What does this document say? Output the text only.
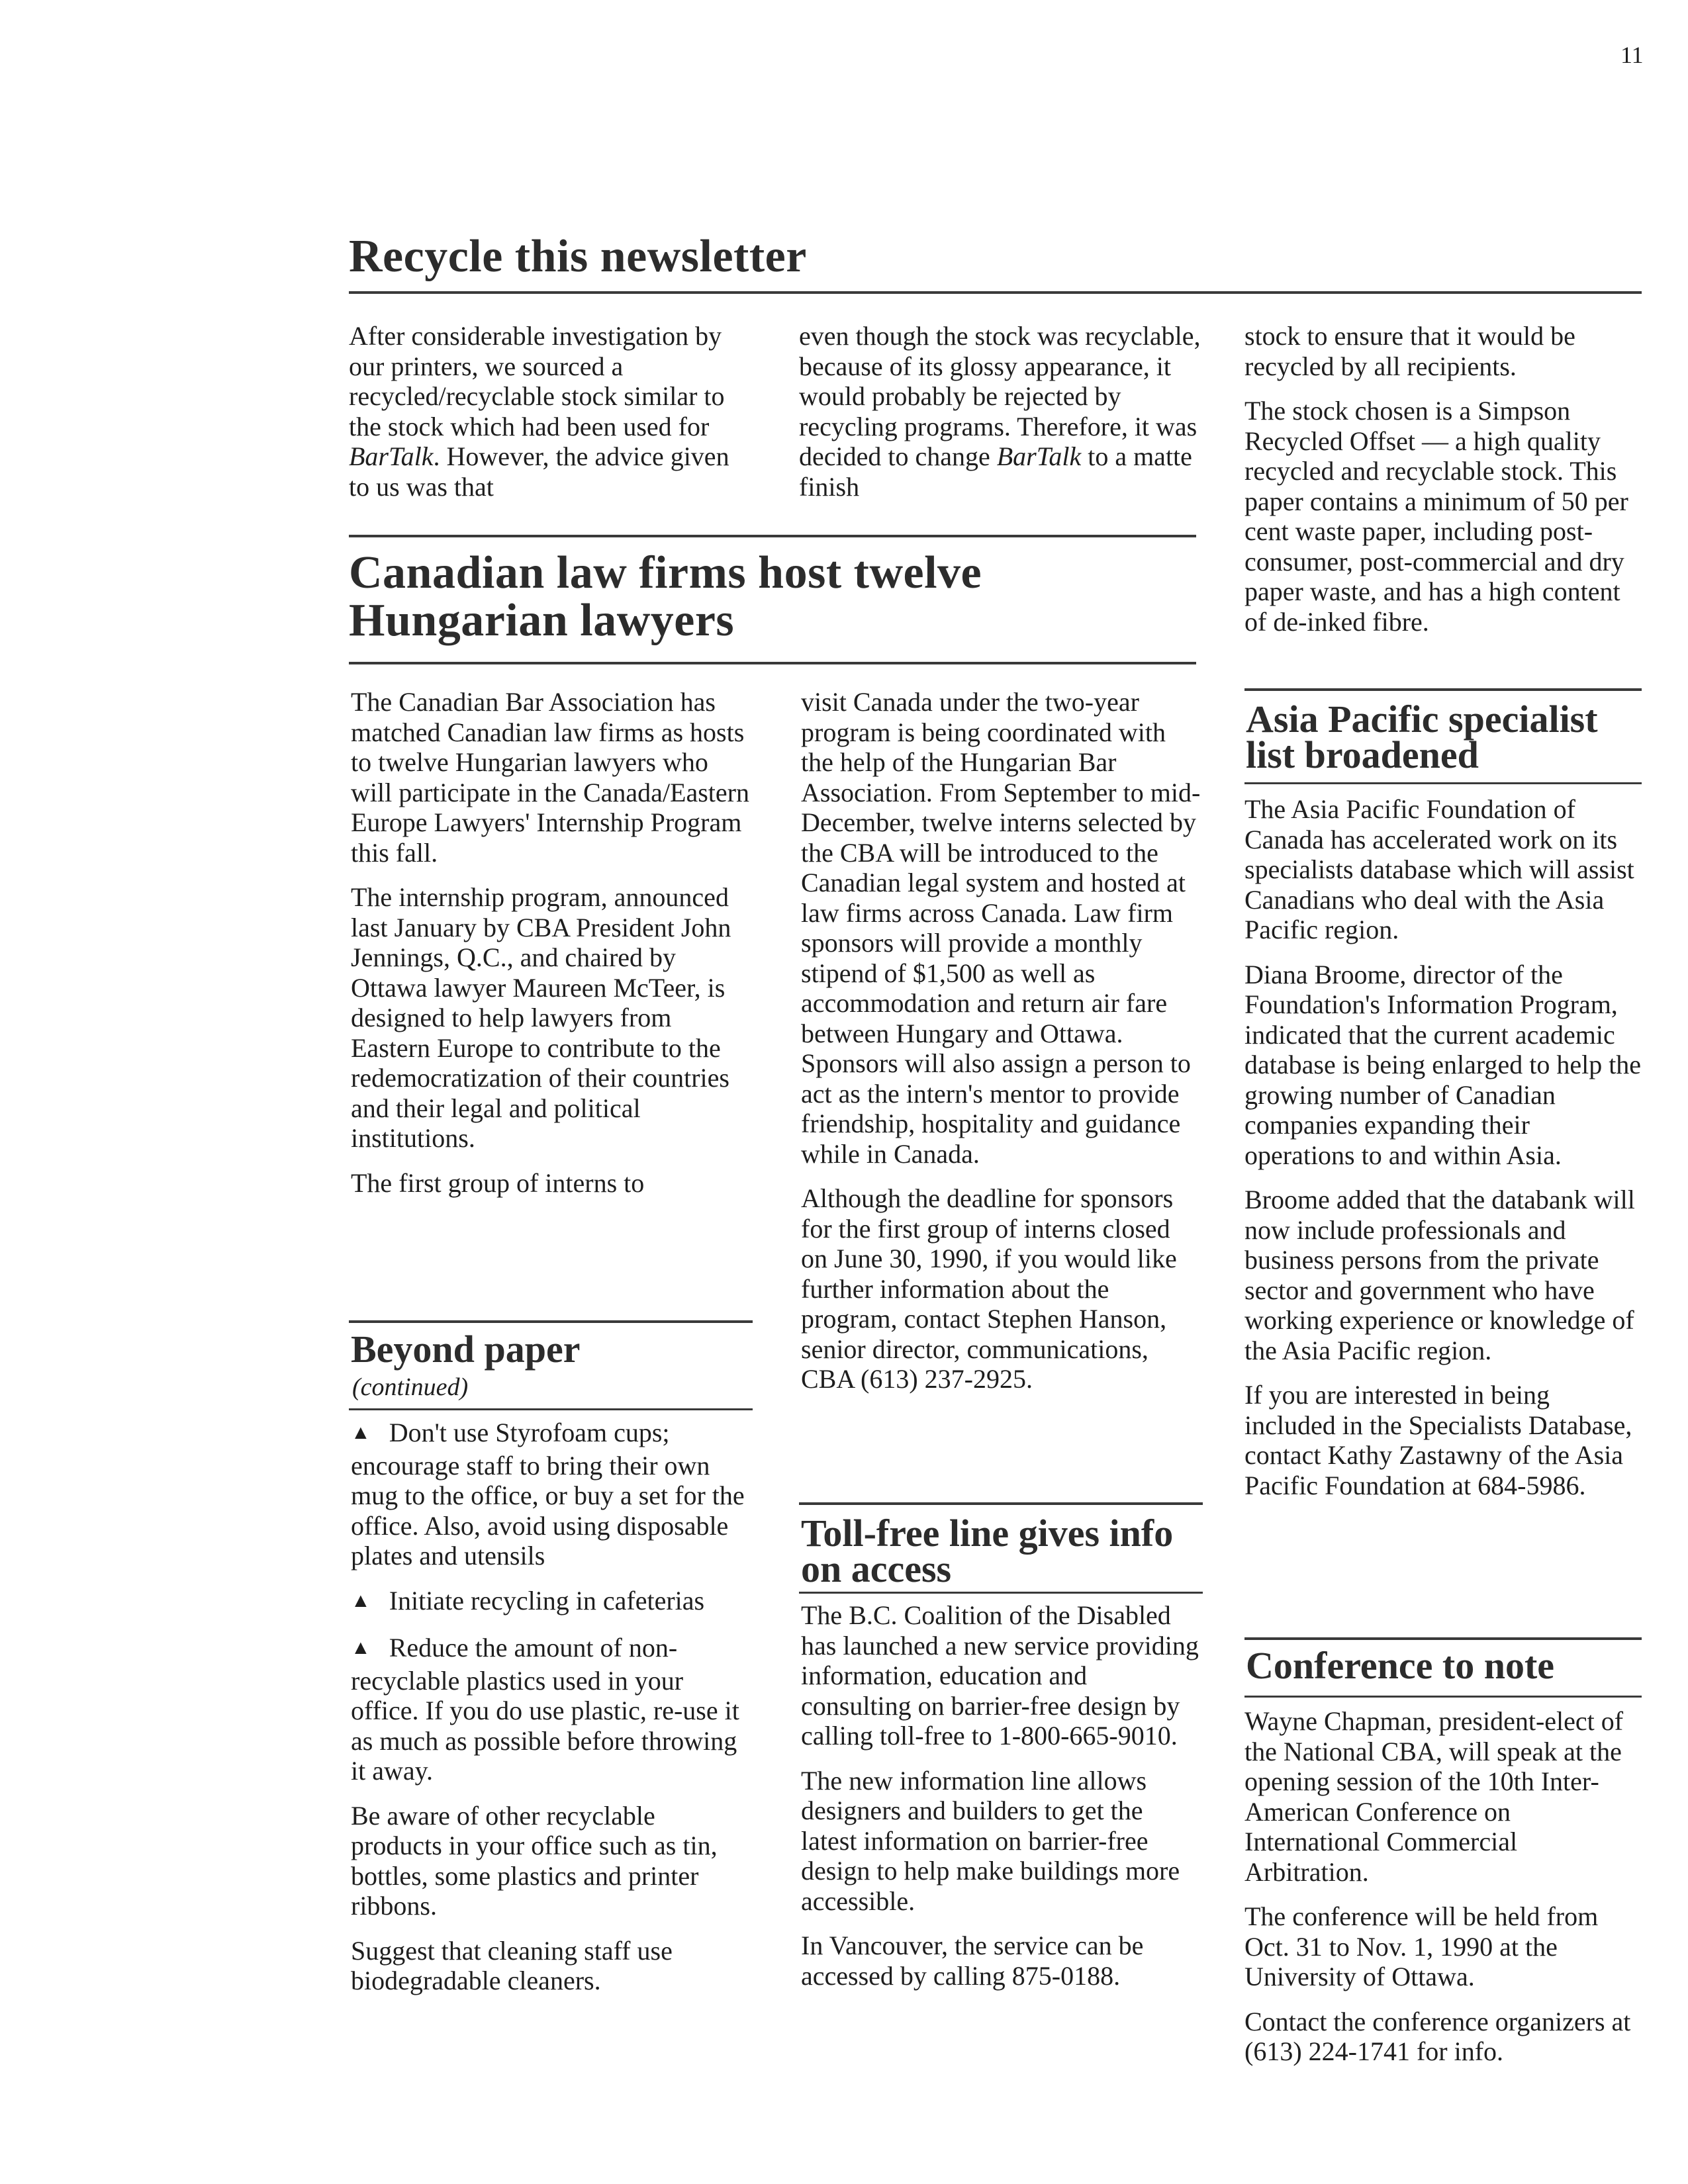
11
Recycle this newsletter

After considerable investigation by our printers, we sourced a recycled/recyclable stock similar to the stock which had been used for BarTalk. However, the advice given to us was that

even though the stock was recyclable, because of its glossy appearance, it would probably be rejected by recycling programs. Therefore, it was decided to change BarTalk to a matte finish

stock to ensure that it would be recycled by all recipients.

The stock chosen is a Simpson Recycled Offset — a high quality recycled and recyclable stock. This paper contains a minimum of 50 per cent waste paper, including post-consumer, post-commercial and dry paper waste, and has a high content of de-inked fibre.

Canadian law firms host twelve Hungarian lawyers

The Canadian Bar Association has matched Canadian law firms as hosts to twelve Hungarian lawyers who will participate in the Canada/Eastern Europe Lawyers' Internship Program this fall.

The internship program, announced last January by CBA President John Jennings, Q.C., and chaired by Ottawa lawyer Maureen McTeer, is designed to help lawyers from Eastern Europe to contribute to the redemocratization of their countries and their legal and political institutions.

The first group of interns to

visit Canada under the two-year program is being coordinated with the help of the Hungarian Bar Association. From September to mid-December, twelve interns selected by the CBA will be introduced to the Canadian legal system and hosted at law firms across Canada. Law firm sponsors will provide a monthly stipend of $1,500 as well as accommodation and return air fare between Hungary and Ottawa. Sponsors will also assign a person to act as the intern's mentor to provide friendship, hospitality and guidance while in Canada.

Although the deadline for sponsors for the first group of interns closed on June 30, 1990, if you would like further information about the program, contact Stephen Hanson, senior director, communications, CBA (613) 237-2925.

Beyond paper
(continued)

▲ Don't use Styrofoam cups; encourage staff to bring their own mug to the office, or buy a set for the office. Also, avoid using disposable plates and utensils

▲ Initiate recycling in cafeterias

▲ Reduce the amount of non-recyclable plastics used in your office. If you do use plastic, re-use it as much as possible before throwing it away.

Be aware of other recyclable products in your office such as tin, bottles, some plastics and printer ribbons.

Suggest that cleaning staff use biodegradable cleaners.

Toll-free line gives info on access

The B.C. Coalition of the Disabled has launched a new service providing information, education and consulting on barrier-free design by calling toll-free to 1-800-665-9010.

The new information line allows designers and builders to get the latest information on barrier-free design to help make buildings more accessible.

In Vancouver, the service can be accessed by calling 875-0188.

Asia Pacific specialist list broadened

The Asia Pacific Foundation of Canada has accelerated work on its specialists database which will assist Canadians who deal with the Asia Pacific region.

Diana Broome, director of the Foundation's Information Program, indicated that the current academic database is being enlarged to help the growing number of Canadian companies expanding their operations to and within Asia.

Broome added that the databank will now include professionals and business persons from the private sector and government who have working experience or knowledge of the Asia Pacific region.

If you are interested in being included in the Specialists Database, contact Kathy Zastawny of the Asia Pacific Foundation at 684-5986.

Conference to note

Wayne Chapman, president-elect of the National CBA, will speak at the opening session of the 10th Inter-American Conference on International Commercial Arbitration.

The conference will be held from Oct. 31 to Nov. 1, 1990 at the University of Ottawa.

Contact the conference organizers at (613) 224-1741 for info.
